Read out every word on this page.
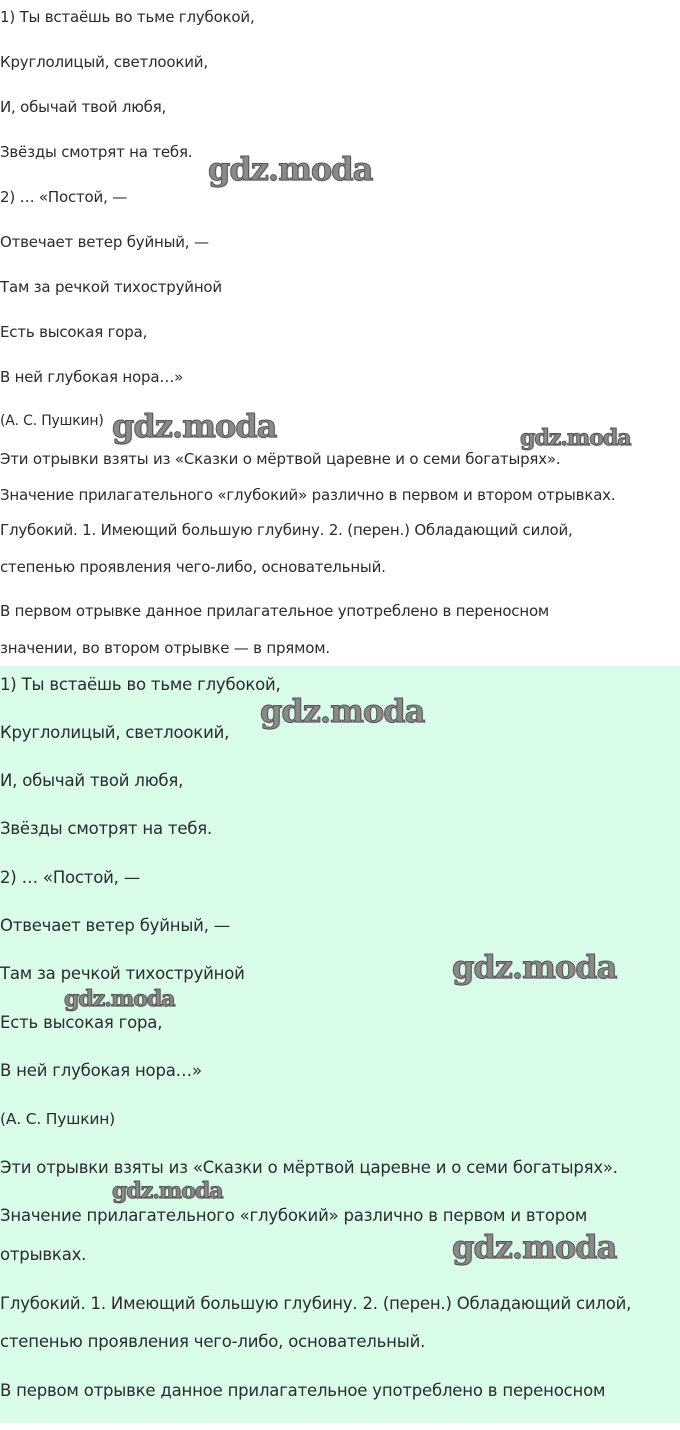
1) Ты встаёшь во тьме глубокой,
Круглолицый, светлоокий,
И, обычай твой любя,
Звёзды смотрят на тебя.
2) … «Постой, —
Отвечает ветер буйный, —
Там за речкой тихоструйной
Есть высокая гора,
В ней глубокая нора…»
(А. С. Пушкин)
Эти отрывки взяты из «Сказки о мёртвой царевне и о семи богатырях».
Значение прилагательного «глубокий» различно в первом и втором отрывках.
Глубокий. 1. Имеющий большую глубину. 2. (перен.) Обладающий силой,
степенью проявления чего-либо, основательный.
В первом отрывке данное прилагательное употреблено в переносном
значении, во втором отрывке — в прямом.
1) Ты встаёшь во тьме глубокой,
Круглолицый, светлоокий,
И, обычай твой любя,
Звёзды смотрят на тебя.
2) … «Постой, —
Отвечает ветер буйный, —
Там за речкой тихоструйной
Есть высокая гора,
В ней глубокая нора…»
(А. С. Пушкин)
Эти отрывки взяты из «Сказки о мёртвой царевне и о семи богатырях».
Значение прилагательного «глубокий» различно в первом и втором
отрывках.
Глубокий. 1. Имеющий большую глубину. 2. (перен.) Обладающий силой,
степенью проявления чего-либо, основательный.
В первом отрывке данное прилагательное употреблено в переносном
gdz.moda
gdz.moda	gdz.moda
gdz.moda
gdz.moda
gdz.moda
gdz.moda
gdz.moda
